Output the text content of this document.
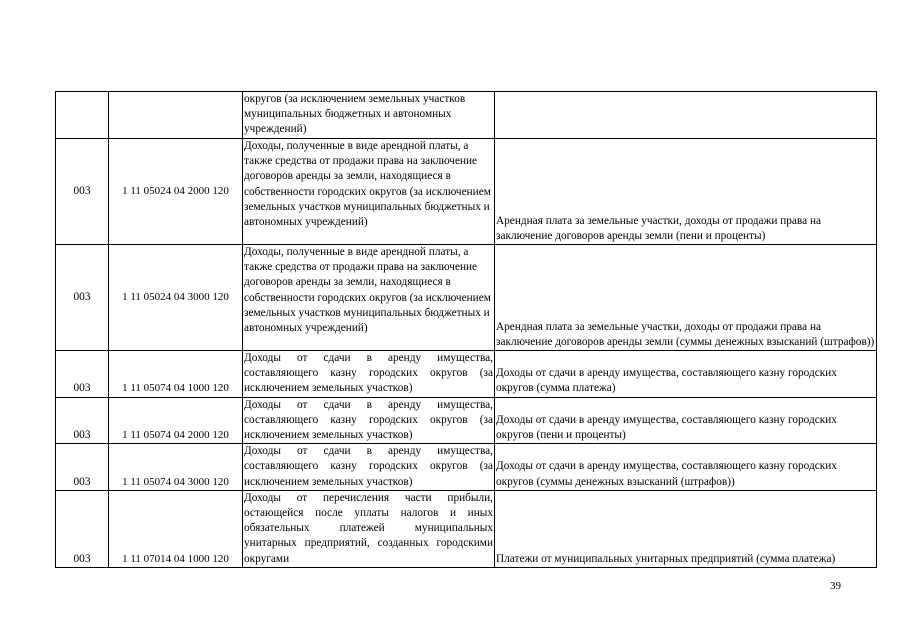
		округов (за исключением земельных участков муниципальных бюджетных и автономных учреждений)	
003	1 11 05024 04 2000 120	Доходы, полученные в виде арендной платы, а также средства от продажи права на заключение договоров аренды за земли, находящиеся в собственности городских округов (за исключением земельных участков муниципальных бюджетных и автономных учреждений)	Арендная плата за земельные участки, доходы от продажи права на заключение договоров аренды земли (пени и проценты)
003	1 11 05024 04 3000 120	Доходы, полученные в виде арендной платы, а также средства от продажи права на заключение договоров аренды за земли, находящиеся в собственности городских округов (за исключением земельных участков муниципальных бюджетных и автономных учреждений)	Арендная плата за земельные участки, доходы от продажи права на заключение договоров аренды земли (суммы денежных взысканий (штрафов))
003	1 11 05074 04 1000 120	Доходы от сдачи в аренду имущества, составляющего казну городских округов (за исключением земельных участков)	Доходы от сдачи в аренду имущества, составляющего казну городских округов (сумма платежа)
003	1 11 05074 04 2000 120	Доходы от сдачи в аренду имущества, составляющего казну городских округов (за исключением земельных участков)	Доходы от сдачи в аренду имущества, составляющего казну городских округов (пени и проценты)
003	1 11 05074 04 3000 120	Доходы от сдачи в аренду имущества, составляющего казну городских округов (за исключением земельных участков)	Доходы от сдачи в аренду имущества, составляющего казну городских округов (суммы денежных взысканий (штрафов))
003	1 11 07014 04 1000 120	Доходы от перечисления части прибыли, остающейся после уплаты налогов и иных обязательных платежей муниципальных унитарных предприятий, созданных городскими округами	Платежи от муниципальных унитарных предприятий (сумма платежа)
39
